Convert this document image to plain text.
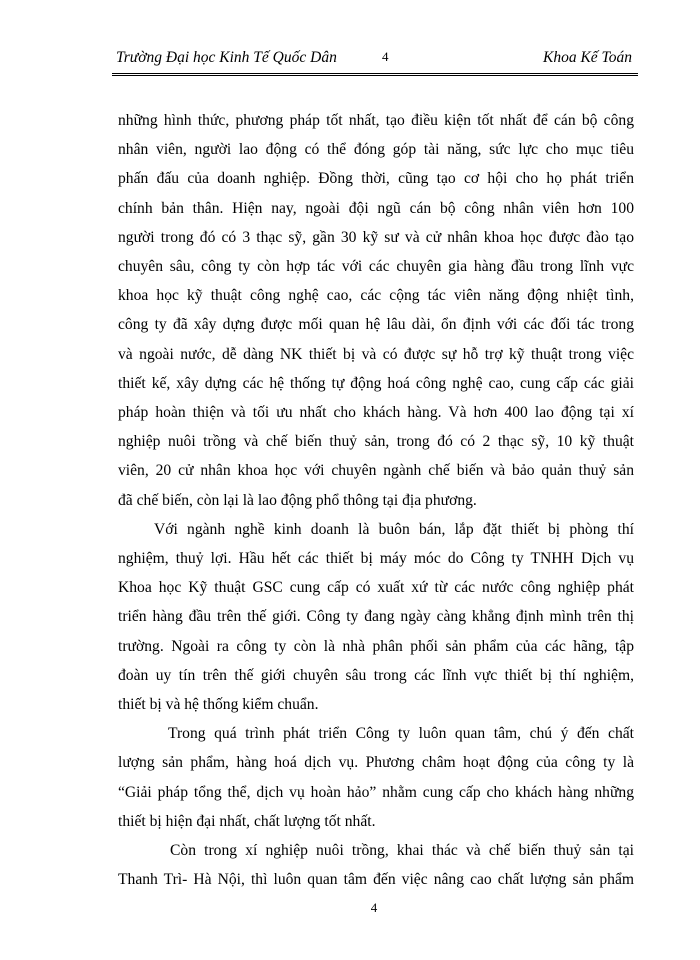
Trường Đại học Kinh Tế Quốc Dân	4	Khoa Kế Toán
những hình thức, phương pháp tốt nhất, tạo điều kiện tốt nhất để cán bộ công
nhân viên, người lao động có thể đóng góp tài năng, sức lực cho mục tiêu
phấn đấu của doanh nghiệp. Đồng thời, cũng tạo cơ hội cho họ phát triển
chính bản thân. Hiện nay, ngoài đội ngũ cán bộ công nhân viên hơn 100
người trong đó có 3 thạc sỹ, gần 30 kỹ sư và cử nhân khoa học được đào tạo
chuyên sâu, công ty còn hợp tác với các chuyên gia hàng đầu trong lĩnh vực
khoa học kỹ thuật công nghệ cao, các cộng tác viên năng động nhiệt tình,
công ty đã xây dựng được mối quan hệ lâu dài, ổn định với các đối tác trong
và ngoài nước, dễ dàng NK thiết bị và có được sự hỗ trợ kỹ thuật trong việc
thiết kế, xây dựng các hệ thống tự động hoá công nghệ cao, cung cấp các giải
pháp hoàn thiện và tối ưu nhất cho khách hàng. Và hơn 400 lao động tại xí
nghiệp nuôi trồng và chế biến thuỷ sản, trong đó có 2 thạc sỹ, 10 kỹ thuật
viên, 20 cử nhân khoa học với chuyên ngành chế biến và bảo quản thuỷ sản
đã chế biến, còn lại là lao động phổ thông tại địa phương.
Với ngành nghề kinh doanh là buôn bán, lắp đặt thiết bị phòng thí
nghiệm, thuỷ lợi. Hầu hết các thiết bị máy móc do Công ty TNHH Dịch vụ
Khoa học Kỹ thuật GSC cung cấp có xuất xứ từ các nước công nghiệp phát
triển hàng đầu trên thế giới. Công ty đang ngày càng khẳng định mình trên thị
trường. Ngoài ra công ty còn là nhà phân phối sản phẩm của các hãng, tập
đoàn uy tín trên thế giới chuyên sâu trong các lĩnh vực thiết bị thí nghiệm,
thiết bị và hệ thống kiểm chuẩn.
Trong quá trình phát triển Công ty luôn quan tâm, chú ý đến chất
lượng sản phẩm, hàng hoá dịch vụ. Phương châm hoạt động của công ty là
“Giải pháp tổng thể, dịch vụ hoàn hảo” nhằm cung cấp cho khách hàng những
thiết bị hiện đại nhất, chất lượng tốt nhất.
Còn trong xí nghiệp nuôi trồng, khai thác và chế biến thuỷ sản tại
Thanh Trì- Hà Nội, thì luôn quan tâm đến việc nâng cao chất lượng sản phẩm
4
